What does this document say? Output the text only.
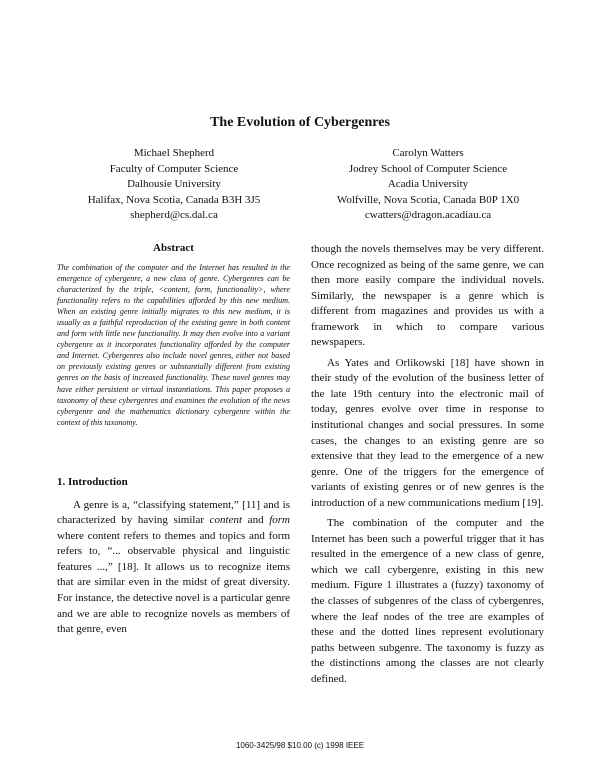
The Evolution of Cybergenres
Michael Shepherd
Faculty of Computer Science
Dalhousie University
Halifax, Nova Scotia, Canada B3H 3J5
shepherd@cs.dal.ca
Carolyn Watters
Jodrey School of Computer Science
Acadia University
Wolfville, Nova Scotia, Canada B0P 1X0
cwatters@dragon.acadiau.ca
Abstract

The combination of the computer and the Internet has resulted in the emergence of cybergenre, a new class of genre. Cybergenres can be characterized by the triple, <content, form, functionality>, where functionality refers to the capabilities afforded by this new medium. When an existing genre initially migrates to this new medium, it is usually as a faithful reproduction of the existing genre in both content and form with little new functionality. It may then evolve into a variant cybergenre as it incorporates functionality afforded by the computer and Internet. Cybergenres also include novel genres, either not based on previously existing genres or substantially different from existing genres on the basis of increased functionality. These novel genres may have either persistent or virtual instantiations. This paper proposes a taxonomy of these cybergenres and examines the evolution of the news cybergenre and the mathematics dictionary cybergenre within the context of this taxonomy.

1. Introduction

A genre is a, “classifying statement,” [11] and is characterized by having similar content and form where content refers to themes and topics and form refers to, “... observable physical and linguistic features ...,” [18]. It allows us to recognize items that are similar even in the midst of great diversity. For instance, the detective novel is a particular genre and we are able to recognize novels as members of that genre, even

though the novels themselves may be very different. Once recognized as being of the same genre, we can then more easily compare the individual novels. Similarly, the newspaper is a genre which is different from magazines and provides us with a framework in which to compare various newspapers.

As Yates and Orlikowski [18] have shown in their study of the evolution of the business letter of the late 19th century into the electronic mail of today, genres evolve over time in response to institutional changes and social pressures. In some cases, the changes to an existing genre are so extensive that they lead to the emergence of a new genre. One of the triggers for the emergence of variants of existing genres or of new genres is the introduction of a new communications medium [19].

The combination of the computer and the Internet has been such a powerful trigger that it has resulted in the emergence of a new class of genre, which we call cybergenre, existing in this new medium. Figure 1 illustrates a (fuzzy) taxonomy of the classes of subgenres of the class of cybergenres, where the leaf nodes of the tree are examples of these and the dotted lines represent evolutionary paths between subgenre. The taxonomy is fuzzy as the distinctions among the classes are not clearly defined.

1060-3425/98 $10.00 (c) 1998 IEEE
